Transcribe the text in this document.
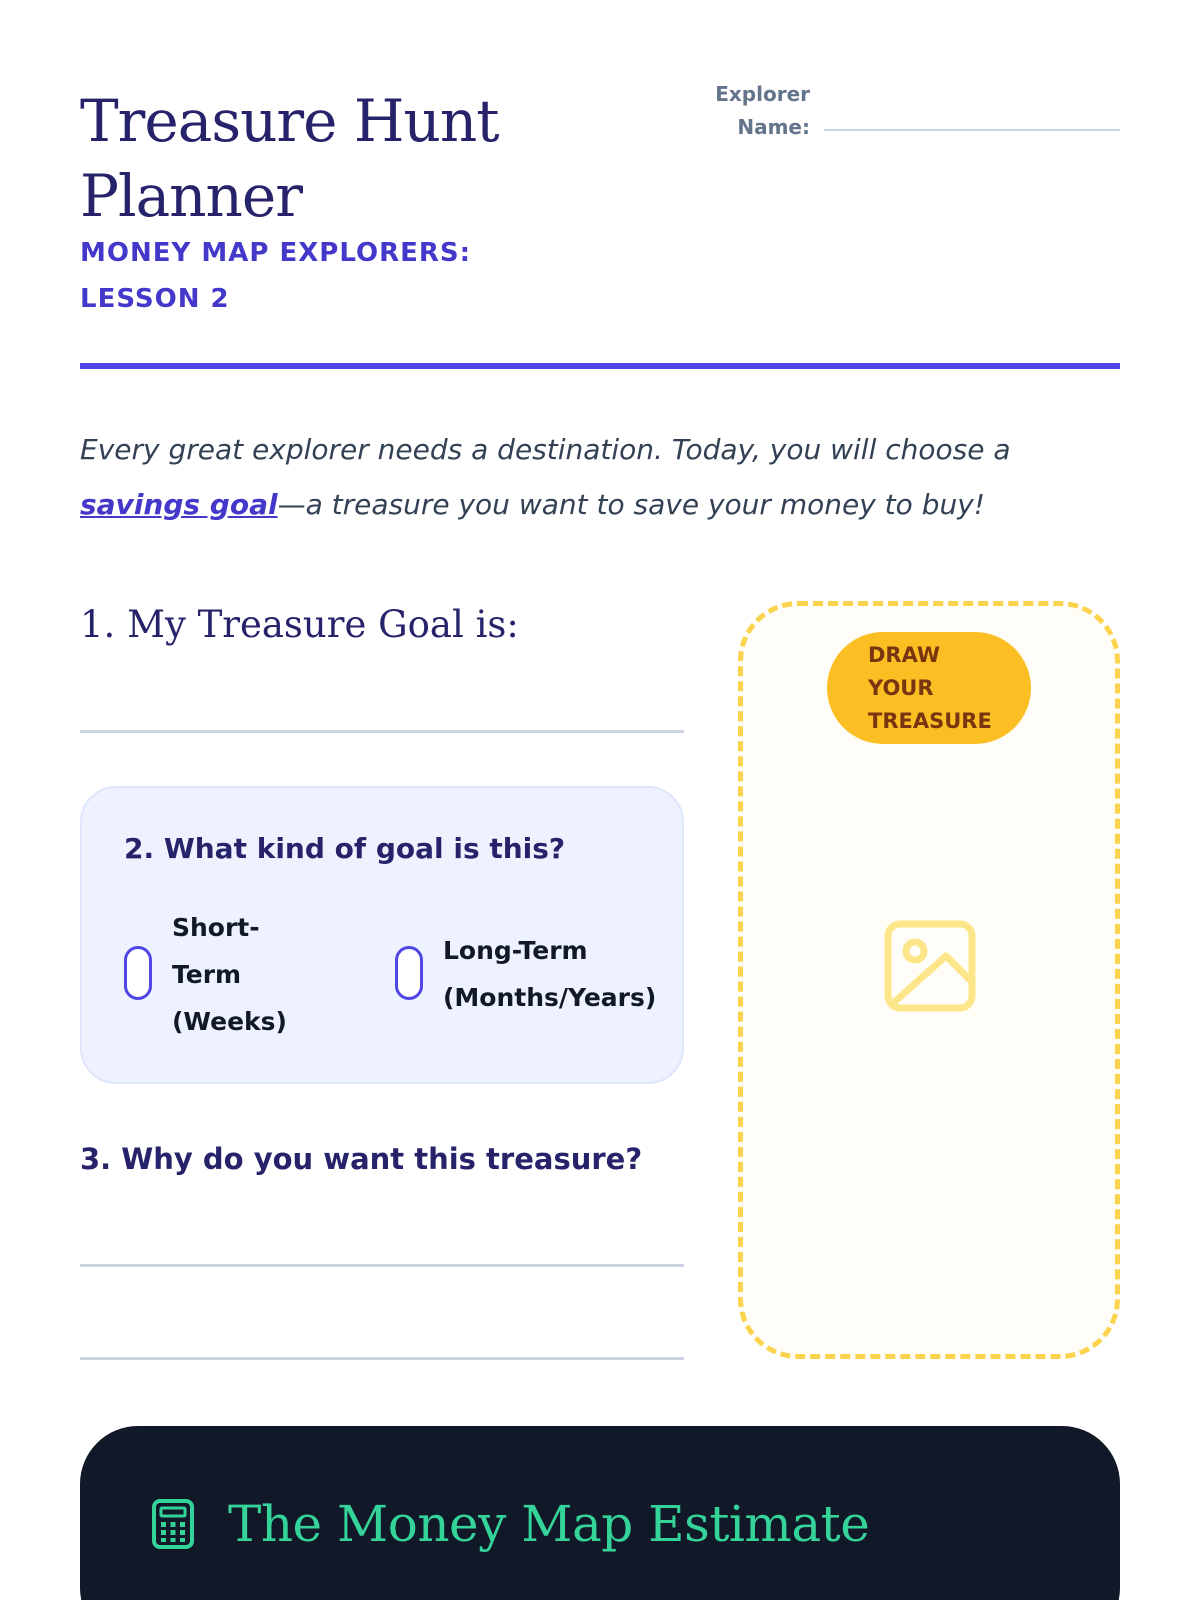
Treasure Hunt Planner
MONEY MAP EXPLORERS: LESSON 2
Explorer
Name:

Every great explorer needs a destination. Today, you will choose a savings goal—a treasure you want to save your money to buy!

1. My Treasure Goal is:
2. What kind of goal is this?
Short-
Term
(Weeks)
Long-Term
(Months/Years)
3. Why do you want this treasure?
DRAW
YOUR
TREASURE
The Money Map Estimate
